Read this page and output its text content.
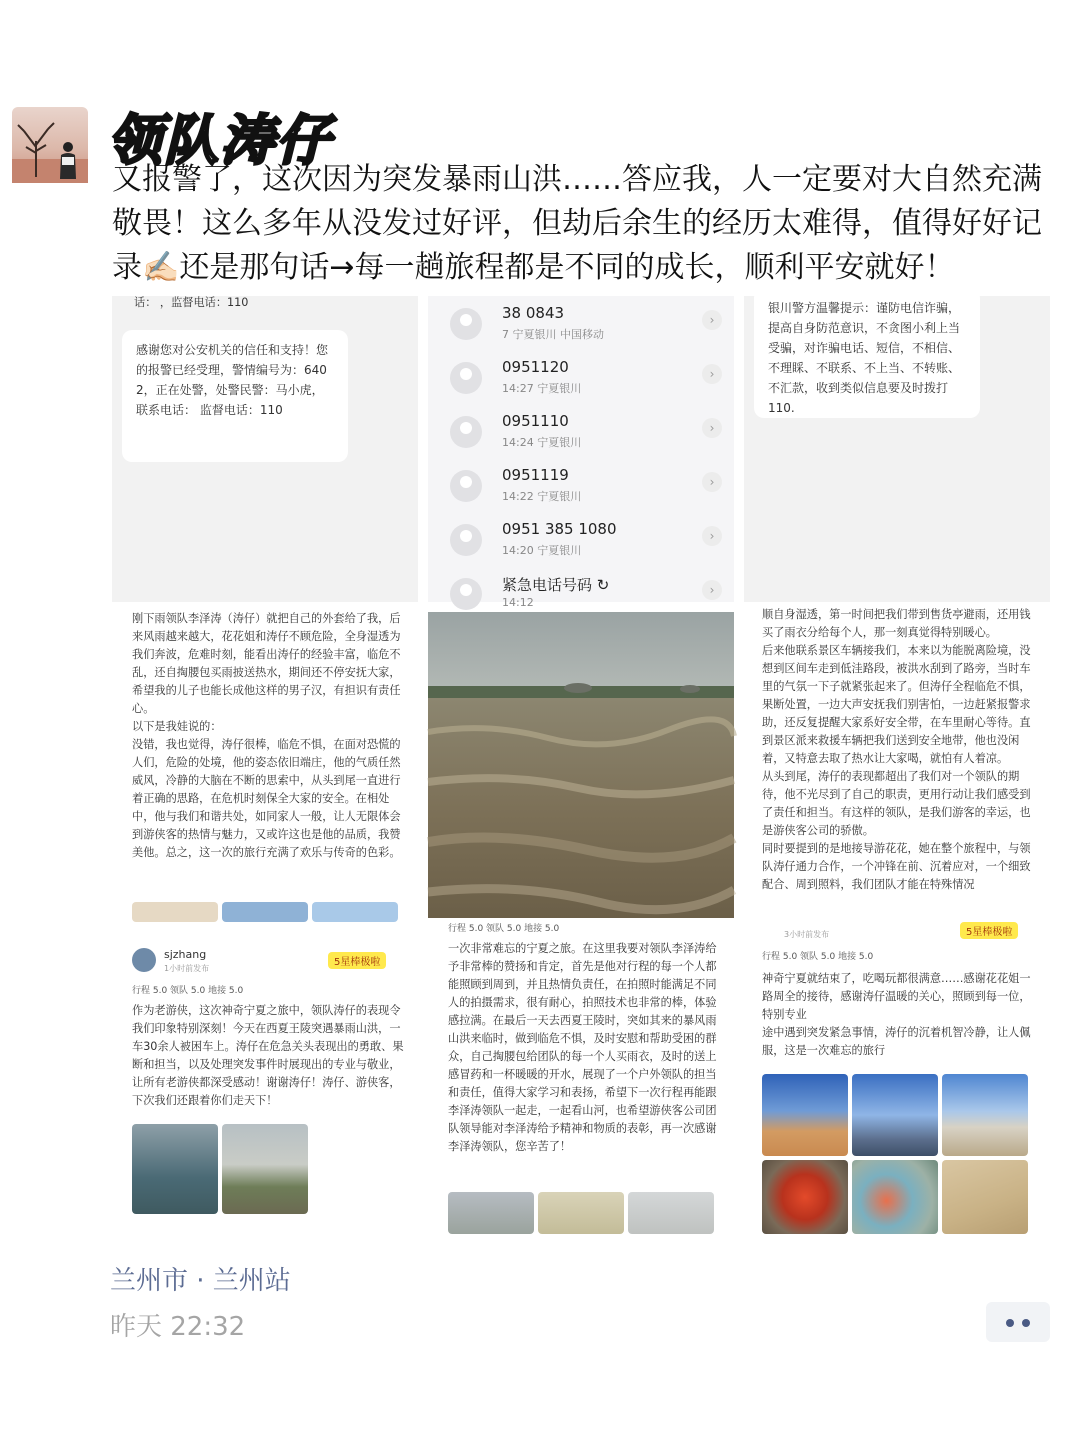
领队涛仔
又报警了，这次因为突发暴雨山洪……答应我，人一定要对大自然充满敬畏！这么多年从没发过好评，但劫后余生的经历太难得，值得好好记录✍🏻还是那句话→每一趟旅程都是不同的成长，顺利平安就好！
话： ，监督电话：110
感谢您对公安机关的信任和支持！您的报警已经受理，警情编号为：640 2，正在处警，处警民警：马小虎，联系电话： 监督电话：110
38 0843
7 宁夏银川 中国移动
›
0951120
14:27 宁夏银川
›
0951110
14:24 宁夏银川
›
0951119
14:22 宁夏银川
›
0951 385 1080
14:20 宁夏银川
›
紧急电话号码 ↻
14:12
›
银川警方温馨提示：谨防电信诈骗，
提高自身防范意识，不贪图小利上当受骗，对诈骗电话、短信，不相信、不理睬、不联系、不上当、不转账、不汇款，收到类似信息要及时拨打110.
刚下雨领队李泽涛（涛仔）就把自己的外套给了我，后来风雨越来越大，花花姐和涛仔不顾危险，全身湿透为我们奔波，危难时刻，能看出涛仔的经验丰富，临危不乱，还自掏腰包买雨披送热水，期间还不停安抚大家，希望我的儿子也能长成他这样的男子汉，有担识有责任心。
以下是我娃说的：
没错，我也觉得，涛仔很棒，临危不惧，在面对恐慌的人们，危险的处境，他的姿态依旧端庄，他的气质任然威风，冷静的大脑在不断的思索中，从头到尾一直进行着正确的思路，在危机时刻保全大家的安全。在相处中，他与我们和谐共处，如同家人一般，让人无限体会到游侠客的热情与魅力，又或许这也是他的品质，我赞美他。总之，这一次的旅行充满了欢乐与传奇的色彩。
顺自身湿透，第一时间把我们带到售货亭避雨，还用钱买了雨衣分给每个人，那一刻真觉得特别暖心。
后来他联系景区车辆接我们，本来以为能脱离险境，没想到区间车走到低洼路段，被洪水刮到了路旁，当时车里的气氛一下子就紧张起来了。但涛仔全程临危不惧，果断处置，一边大声安抚我们别害怕，一边赶紧报警求助，还反复提醒大家系好安全带，在车里耐心等待。直到景区派来救援车辆把我们送到安全地带，他也没闲着，又特意去取了热水让大家喝，就怕有人着凉。
从头到尾，涛仔的表现都超出了我们对一个领队的期待，他不光尽到了自己的职责，更用行动让我们感受到了责任和担当。有这样的领队，是我们游客的幸运，也是游侠客公司的骄傲。
同时要提到的是地接导游花花，她在整个旅程中，与领队涛仔通力合作，一个冲锋在前、沉着应对，一个细致配合、周到照料，我们团队才能在特殊情况
sjzhang
1小时前发布
5星棒极啦
行程 5.0 领队 5.0 地接 5.0
作为老游侠，这次神奇宁夏之旅中，领队涛仔的表现令我们印象特别深刻！今天在西夏王陵突遇暴雨山洪，一车30余人被困车上。涛仔在危急关头表现出的勇敢、果断和担当，以及处理突发事件时展现出的专业与敬业，让所有老游侠都深受感动！谢谢涛仔！涛仔、游侠客，下次我们还跟着你们走天下！
行程 5.0 领队 5.0 地接 5.0
一次非常难忘的宁夏之旅。在这里我要对领队李泽涛给予非常棒的赞扬和肯定，首先是他对行程的每一个人都能照顾到周到，并且热情负责任，在拍照时能满足不同人的拍摄需求，很有耐心，拍照技术也非常的棒，体验感拉满。在最后一天去西夏王陵时，突如其来的暴风雨山洪来临时，做到临危不惧，及时安慰和帮助受困的群众，自己掏腰包给团队的每一个人买雨衣，及时的送上感冒药和一杯暖暖的开水，展现了一个户外领队的担当和责任，值得大家学习和表扬，希望下一次行程再能跟李泽涛领队一起走，一起看山河，也希望游侠客公司团队领导能对李泽涛给予精神和物质的表彰，再一次感谢李泽涛领队，您辛苦了！
3小时前发布	5星棒极啦
行程 5.0 领队 5.0 地接 5.0
神奇宁夏就结束了，吃喝玩都很满意……感谢花花姐一路周全的接待，感谢涛仔温暖的关心，照顾到每一位，特别专业
途中遇到突发紧急事情，涛仔的沉着机智冷静，让人佩服，这是一次难忘的旅行
兰州市 · 兰州站
昨天 22:32
